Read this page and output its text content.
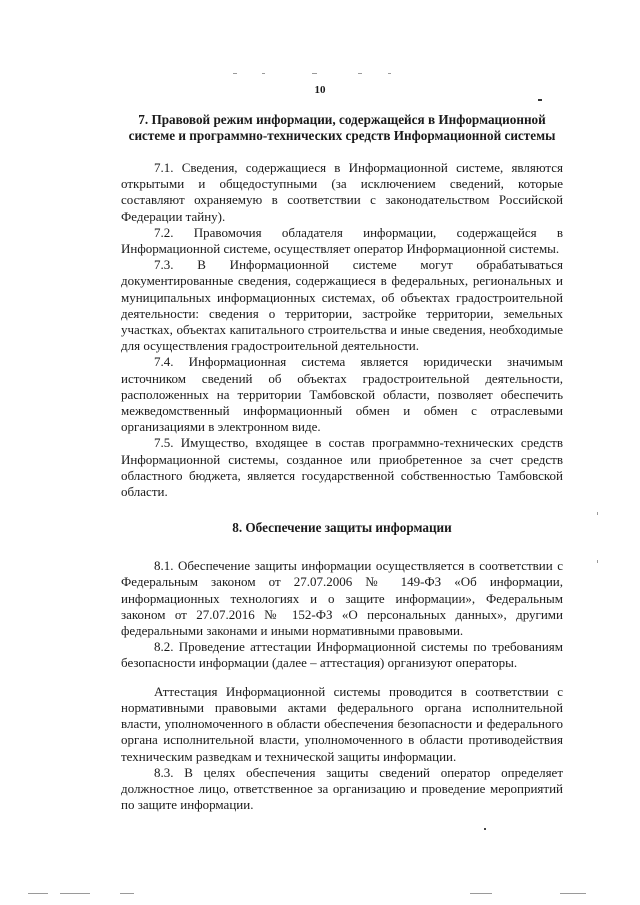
10
7. Правовой режим информации, содержащейся в Информационной системе и программно-технических средств Информационной системы

7.1. Сведения, содержащиеся в Информационной системе, являются открытыми и общедоступными (за исключением сведений, которые составляют охраняемую в соответствии с законодательством Российской Федерации тайну).

7.2. Правомочия обладателя информации, содержащейся в Информационной системе, осуществляет оператор Информационной системы.

7.3. В Информационной системе могут обрабатываться документированные сведения, содержащиеся в федеральных, региональных и муниципальных информационных системах, об объектах градостроительной деятельности: сведения о территории, застройке территории, земельных участках, объектах капитального строительства и иные сведения, необходимые для осуществления градостроительной деятельности.

7.4. Информационная система является юридически значимым источником сведений об объектах градостроительной деятельности, расположенных на территории Тамбовской области, позволяет обеспечить межведомственный информационный обмен и обмен с отраслевыми организациями в электронном виде.

7.5. Имущество, входящее в состав программно-технических средств Информационной системы, созданное или приобретенное за счет средств областного бюджета, является государственной собственностью Тамбовской области.

8. Обеспечение защиты информации

8.1. Обеспечение защиты информации осуществляется в соответствии с Федеральным законом от 27.07.2006 № 149-ФЗ «Об информации, информационных технологиях и о защите информации», Федеральным законом от 27.07.2016 № 152-ФЗ «О персональных данных», другими федеральными законами и иными нормативными правовыми.

8.2. Проведение аттестации Информационной системы по требованиям безопасности информации (далее – аттестация) организуют операторы.

Аттестация Информационной системы проводится в соответствии с нормативными правовыми актами федерального органа исполнительной власти, уполномоченного в области обеспечения безопасности и федерального органа исполнительной власти, уполномоченного в области противодействия техническим разведкам и технической защиты информации.

8.3. В целях обеспечения защиты сведений оператор определяет должностное лицо, ответственное за организацию и проведение мероприятий по защите информации.
